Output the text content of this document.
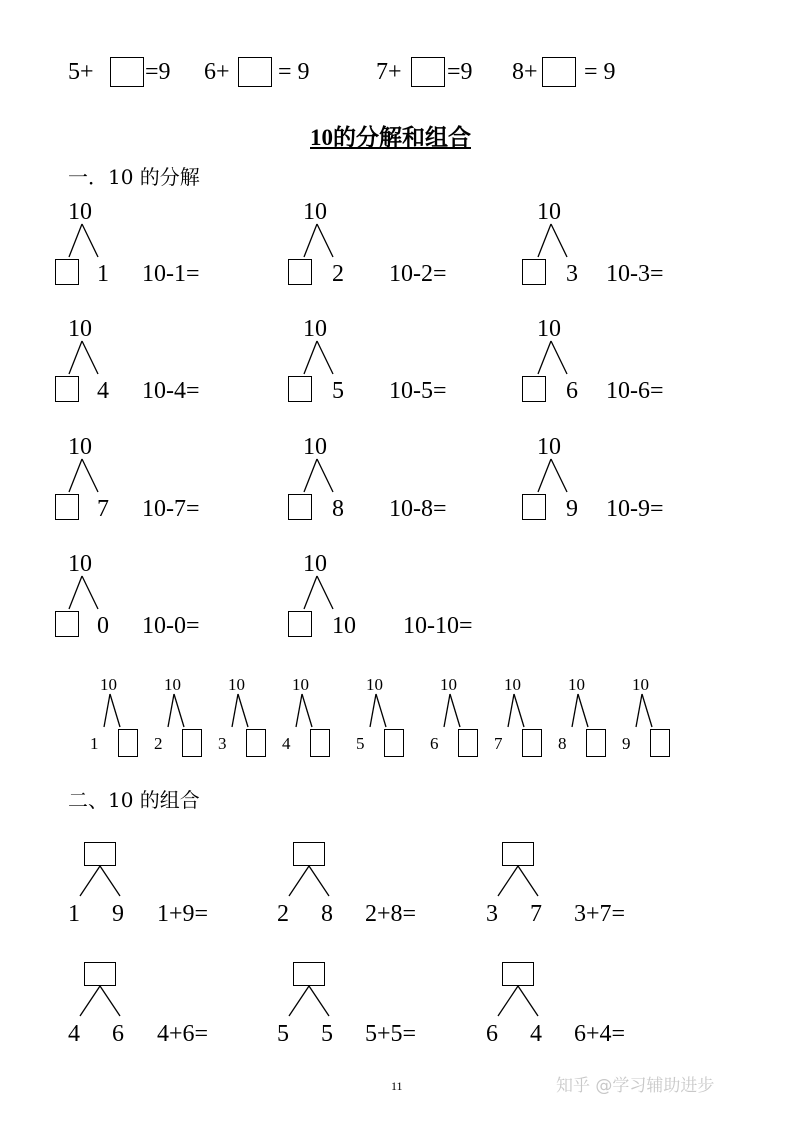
5+ =9 6+ = 9	7+ =9 8+ = 9
10的分解和组合
一．10 的分解
10
1 10-1=
10
2 10-2=
10
3 10-3=
10
4 10-4=
10
5 10-5=
10
6 10-6=
10
7 10-7=
10
8 10-8=
10
9 10-9=
10
0 10-0=
10
10 10-10=
10
1
10
2
10
3
10
4
10
5
10
6
10
7
10
8
10
9
二、10 的组合
1 9 1+9=	2 8 2+8=	3 7 3+7=
4 6 4+6=	5 5 5+5=	6 4 6+4=
11	知乎 @学习辅助进步
